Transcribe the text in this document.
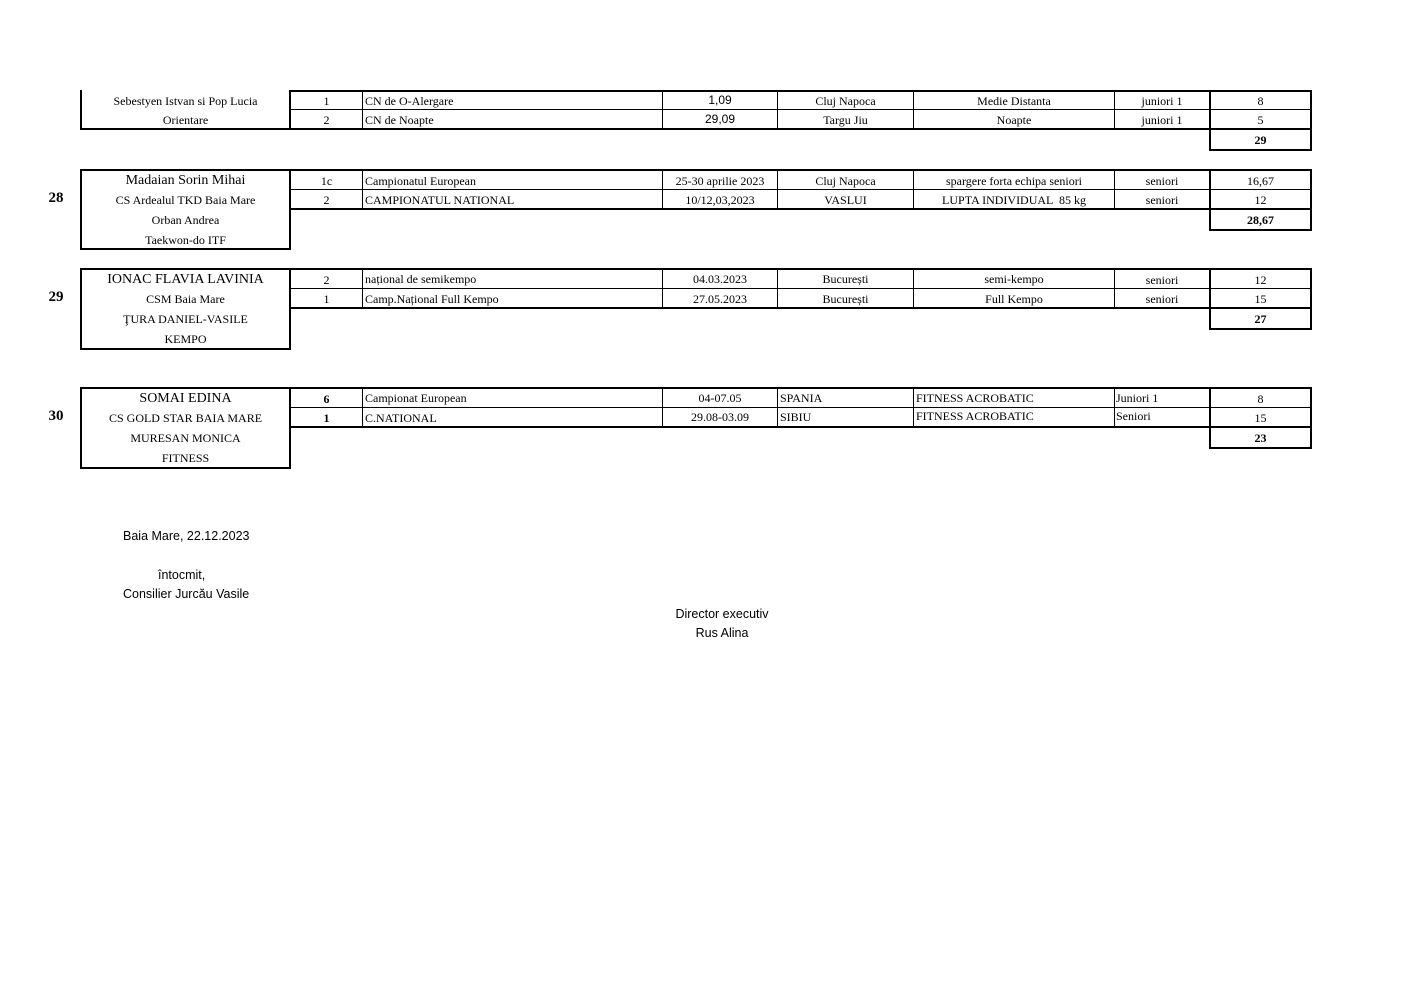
Sebestyen Istvan si Pop Lucia
Orientare
1	CN de O-Alergare	1,09	Cluj Napoca	Medie Distanta	juniori 1	8
2	CN de Noapte	29,09	Targu Jiu	Noapte	juniori 1	5
29
28
Madaian Sorin Mihai
CS Ardealul TKD Baia Mare
Orban Andrea
Taekwon-do ITF
1c	Campionatul European	25-30 aprilie 2023	Cluj Napoca	spargere forta echipa seniori	seniori	16,67
2	CAMPIONATUL NATIONAL	10/12,03,2023	VASLUI	LUPTA INDIVIDUAL  85 kg	seniori	12
28,67
29
IONAC FLAVIA LAVINIA
CSM Baia Mare
ŢURA DANIEL-VASILE
KEMPO
2	național de semikempo	04.03.2023	București	semi-kempo	seniori	12
1	Camp.Național Full Kempo	27.05.2023	București	Full Kempo	seniori	15
27
30
SOMAI EDINA
CS GOLD STAR BAIA MARE
MURESAN MONICA
FITNESS
6	Campionat European	04-07.05	SPANIA	FITNESS ACROBATIC	Juniori 1	8
1	C.NATIONAL	29.08-03.09	SIBIU	FITNESS ACROBATIC	Seniori	15
23
Baia Mare, 22.12.2023
întocmit,
Consilier Jurcău Vasile
Director executiv
Rus Alina
